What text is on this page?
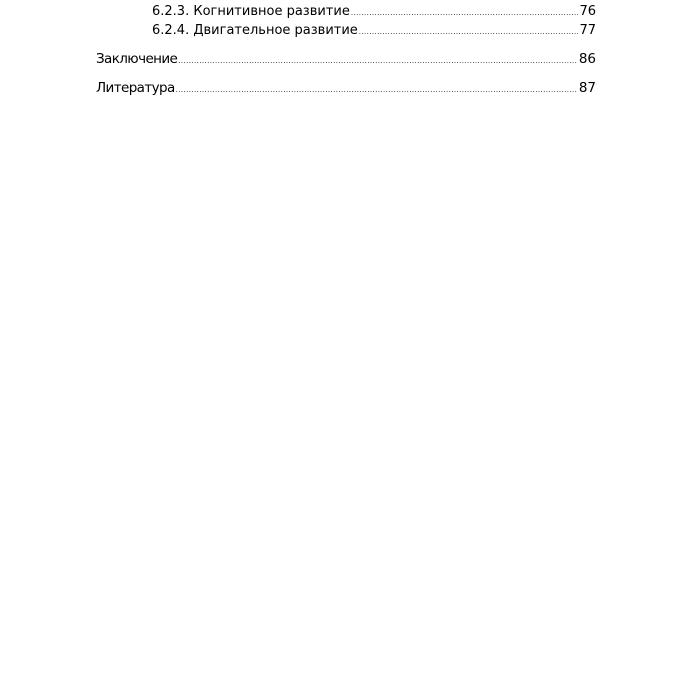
6.2.3. Когнитивное развитие .....	76
6.2.4. Двигательное развитие .....	77
Заключение .....	86
Литература .....	87
